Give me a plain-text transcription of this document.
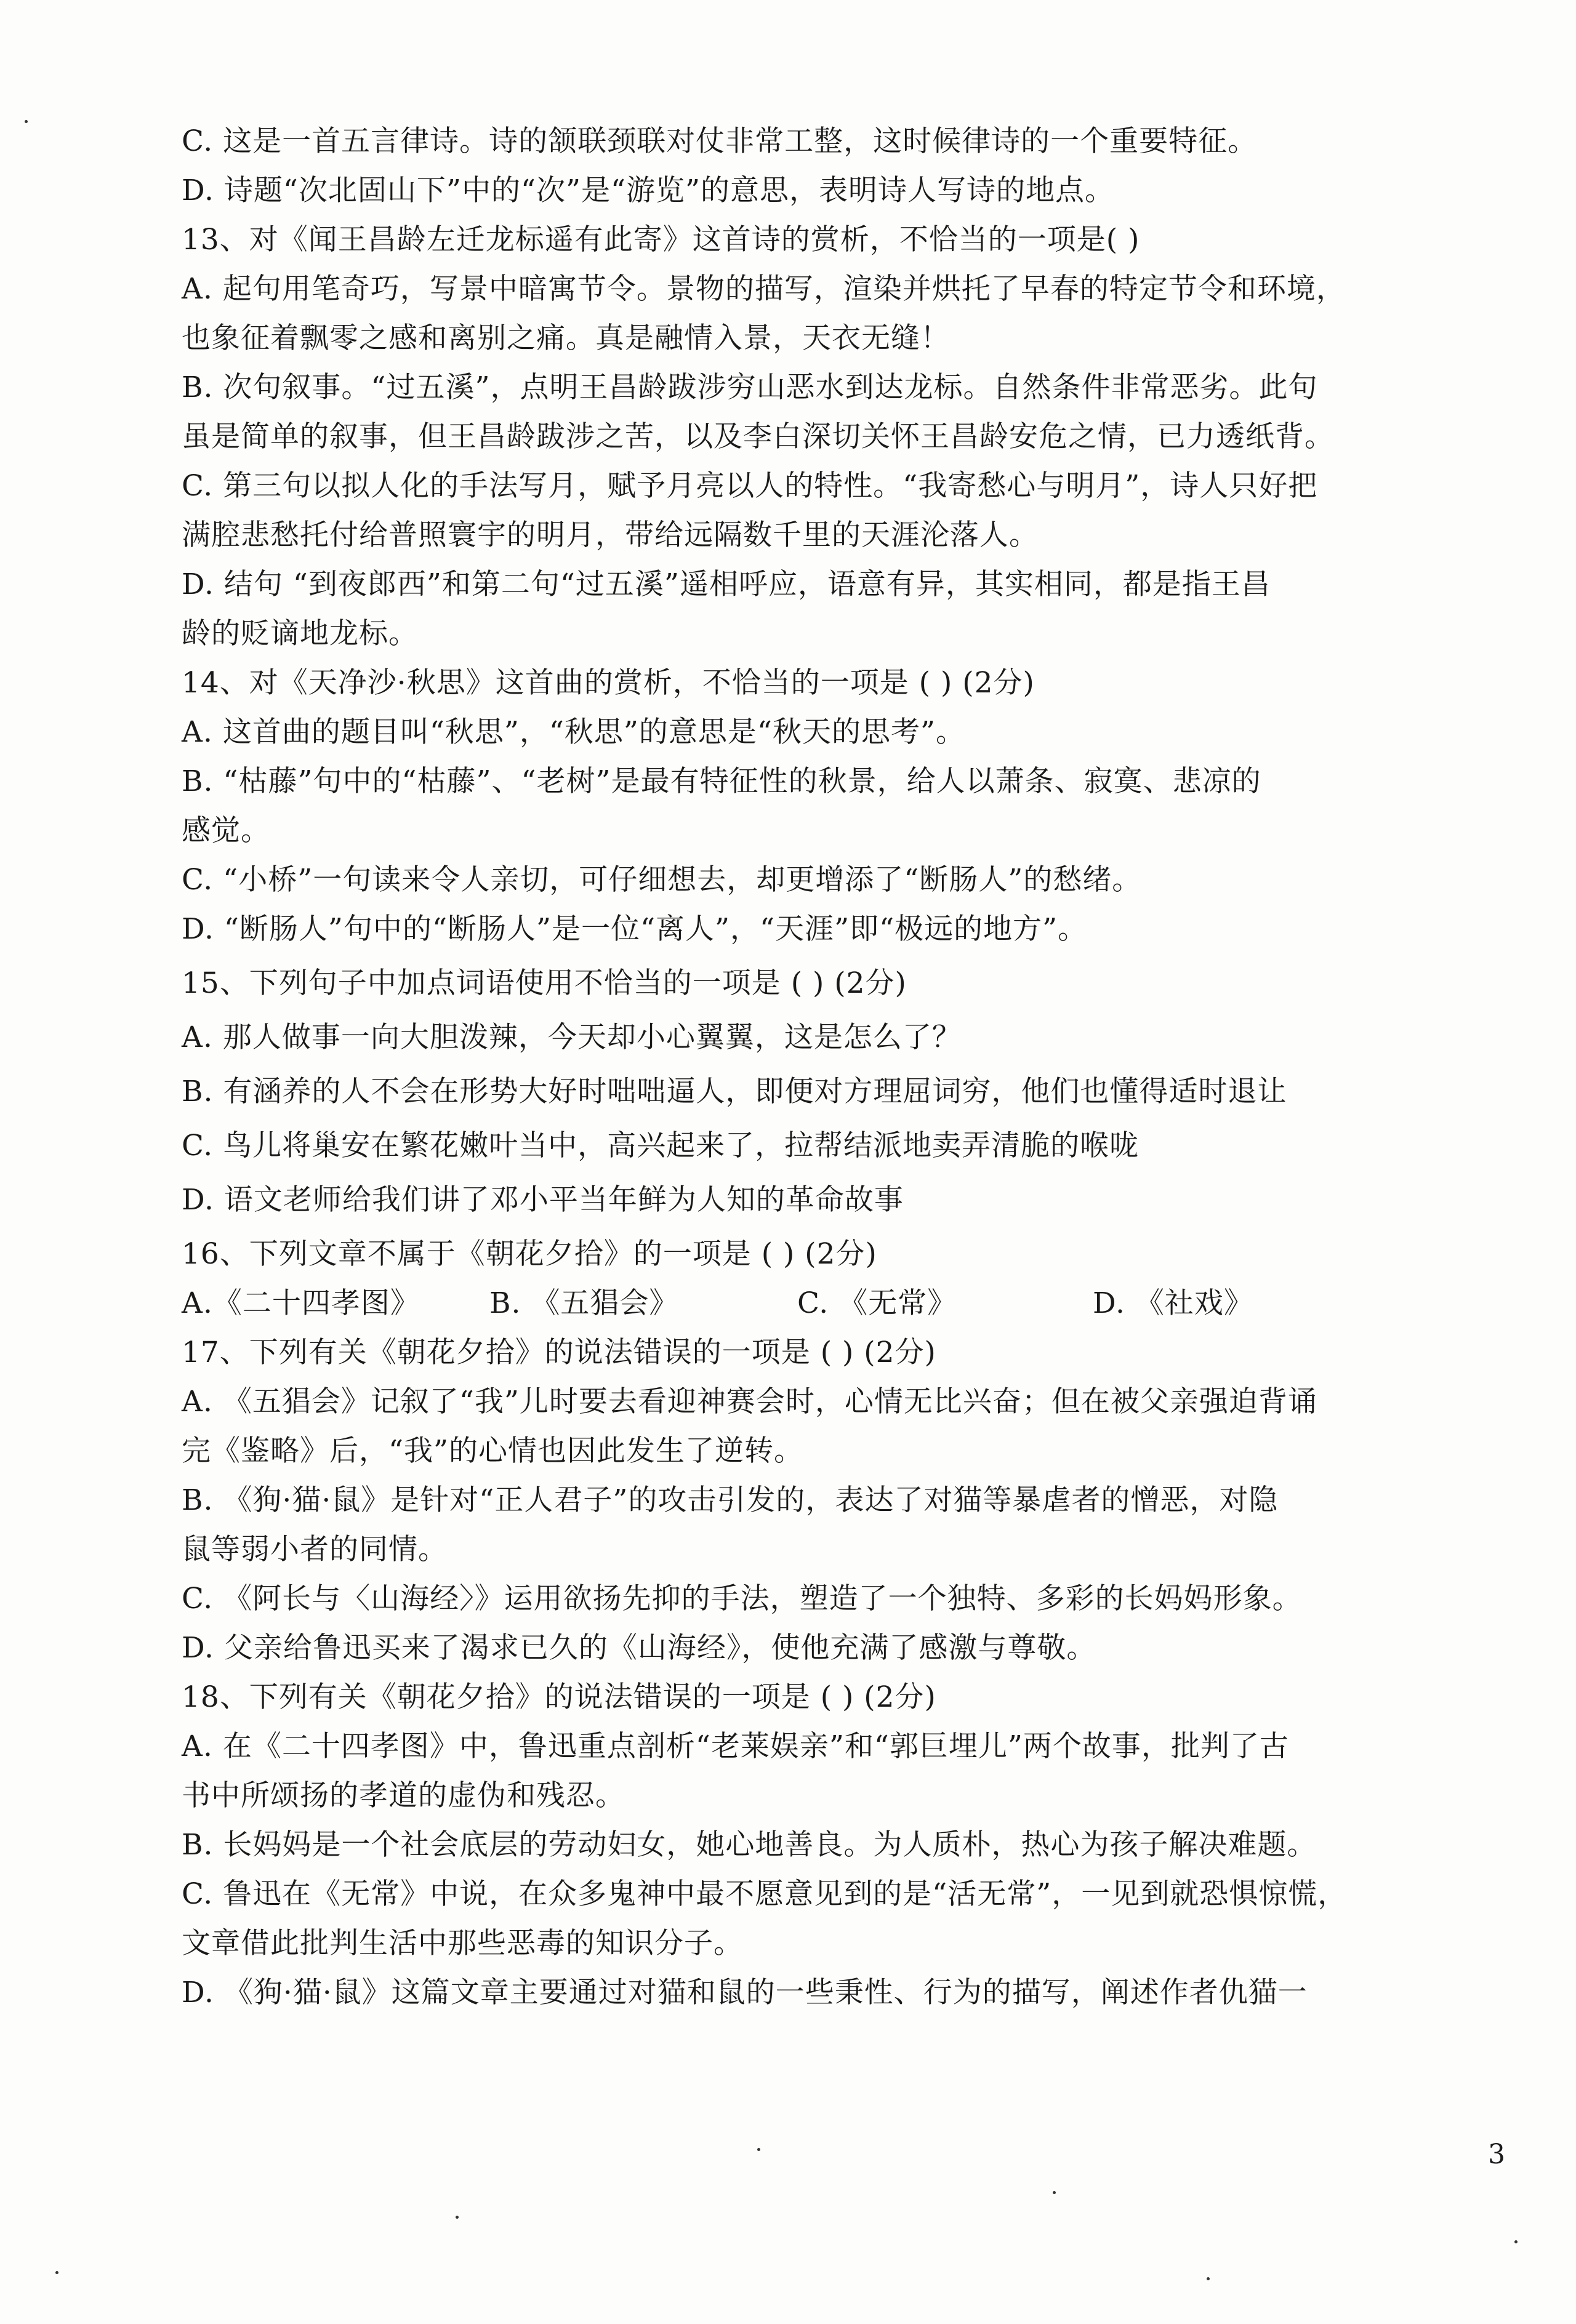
C. 这是一首五言律诗。诗的颔联颈联对仗非常工整，这时候律诗的一个重要特征。
D. 诗题“次北固山下”中的“次”是“游览”的意思，表明诗人写诗的地点。
13、对《闻王昌龄左迁龙标遥有此寄》这首诗的赏析，不恰当的一项是( )
A. 起句用笔奇巧，写景中暗寓节令。景物的描写，渲染并烘托了早春的特定节令和环境，
也象征着飘零之感和离别之痛。真是融情入景，天衣无缝！
B. 次句叙事。“过五溪”，点明王昌龄跋涉穷山恶水到达龙标。自然条件非常恶劣。此句
虽是简单的叙事，但王昌龄跋涉之苦，以及李白深切关怀王昌龄安危之情，已力透纸背。
C. 第三句以拟人化的手法写月，赋予月亮以人的特性。“我寄愁心与明月”，诗人只好把
满腔悲愁托付给普照寰宇的明月，带给远隔数千里的天涯沦落人。
D. 结句 “到夜郎西”和第二句“过五溪”遥相呼应，语意有异，其实相同，都是指王昌
龄的贬谪地龙标。
14、对《天净沙·秋思》这首曲的赏析，不恰当的一项是 ( ) (2分)
A. 这首曲的题目叫“秋思”，“秋思”的意思是“秋天的思考”。
B. “枯藤”句中的“枯藤”、“老树”是最有特征性的秋景，给人以萧条、寂寞、悲凉的
感觉。
C. “小桥”一句读来令人亲切，可仔细想去，却更增添了“断肠人”的愁绪。
D. “断肠人”句中的“断肠人”是一位“离人”，“天涯”即“极远的地方”。
15、下列句子中加点词语使用不恰当的一项是 ( ) (2分)
A. 那人做事一向大胆泼辣，今天却小心翼翼，这是怎么了？
B. 有涵养的人不会在形势大好时咄咄逼人，即便对方理屈词穷，他们也懂得适时退让
C. 鸟儿将巢安在繁花嫩叶当中，高兴起来了，拉帮结派地卖弄清脆的喉咙
D. 语文老师给我们讲了邓小平当年鲜为人知的革命故事
16、下列文章不属于《朝花夕拾》的一项是 ( ) (2分)
A.《二十四孝图》 B. 《五猖会》	C. 《无常》	D. 《社戏》
17、下列有关《朝花夕拾》的说法错误的一项是 ( ) (2分)
A. 《五猖会》记叙了“我”儿时要去看迎神赛会时，心情无比兴奋；但在被父亲强迫背诵
完《鉴略》后，“我”的心情也因此发生了逆转。
B. 《狗·猫·鼠》是针对“正人君子”的攻击引发的，表达了对猫等暴虐者的憎恶，对隐
鼠等弱小者的同情。
C. 《阿长与〈山海经〉》运用欲扬先抑的手法，塑造了一个独特、多彩的长妈妈形象。
D. 父亲给鲁迅买来了渴求已久的《山海经》，使他充满了感激与尊敬。
18、下列有关《朝花夕拾》的说法错误的一项是 ( ) (2分)
A. 在《二十四孝图》中，鲁迅重点剖析“老莱娱亲”和“郭巨埋儿”两个故事，批判了古
书中所颂扬的孝道的虚伪和残忍。
B. 长妈妈是一个社会底层的劳动妇女，她心地善良。为人质朴，热心为孩子解决难题。
C. 鲁迅在《无常》中说，在众多鬼神中最不愿意见到的是“活无常”，一见到就恐惧惊慌，
文章借此批判生活中那些恶毒的知识分子。
D. 《狗·猫·鼠》这篇文章主要通过对猫和鼠的一些秉性、行为的描写，阐述作者仇猫一
3
